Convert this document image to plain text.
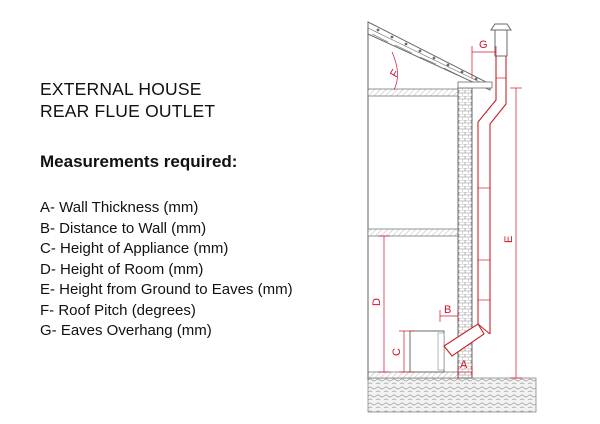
EXTERNAL HOUSE
REAR FLUE OUTLET
Measurements required:
A- Wall Thickness (mm)
B- Distance to Wall (mm)
C- Height of Appliance (mm)
D- Height of Room (mm)
E- Height from Ground to Eaves (mm)
F- Roof Pitch (degrees)
G- Eaves Overhang (mm)
E
D
C
B
A
G
F
